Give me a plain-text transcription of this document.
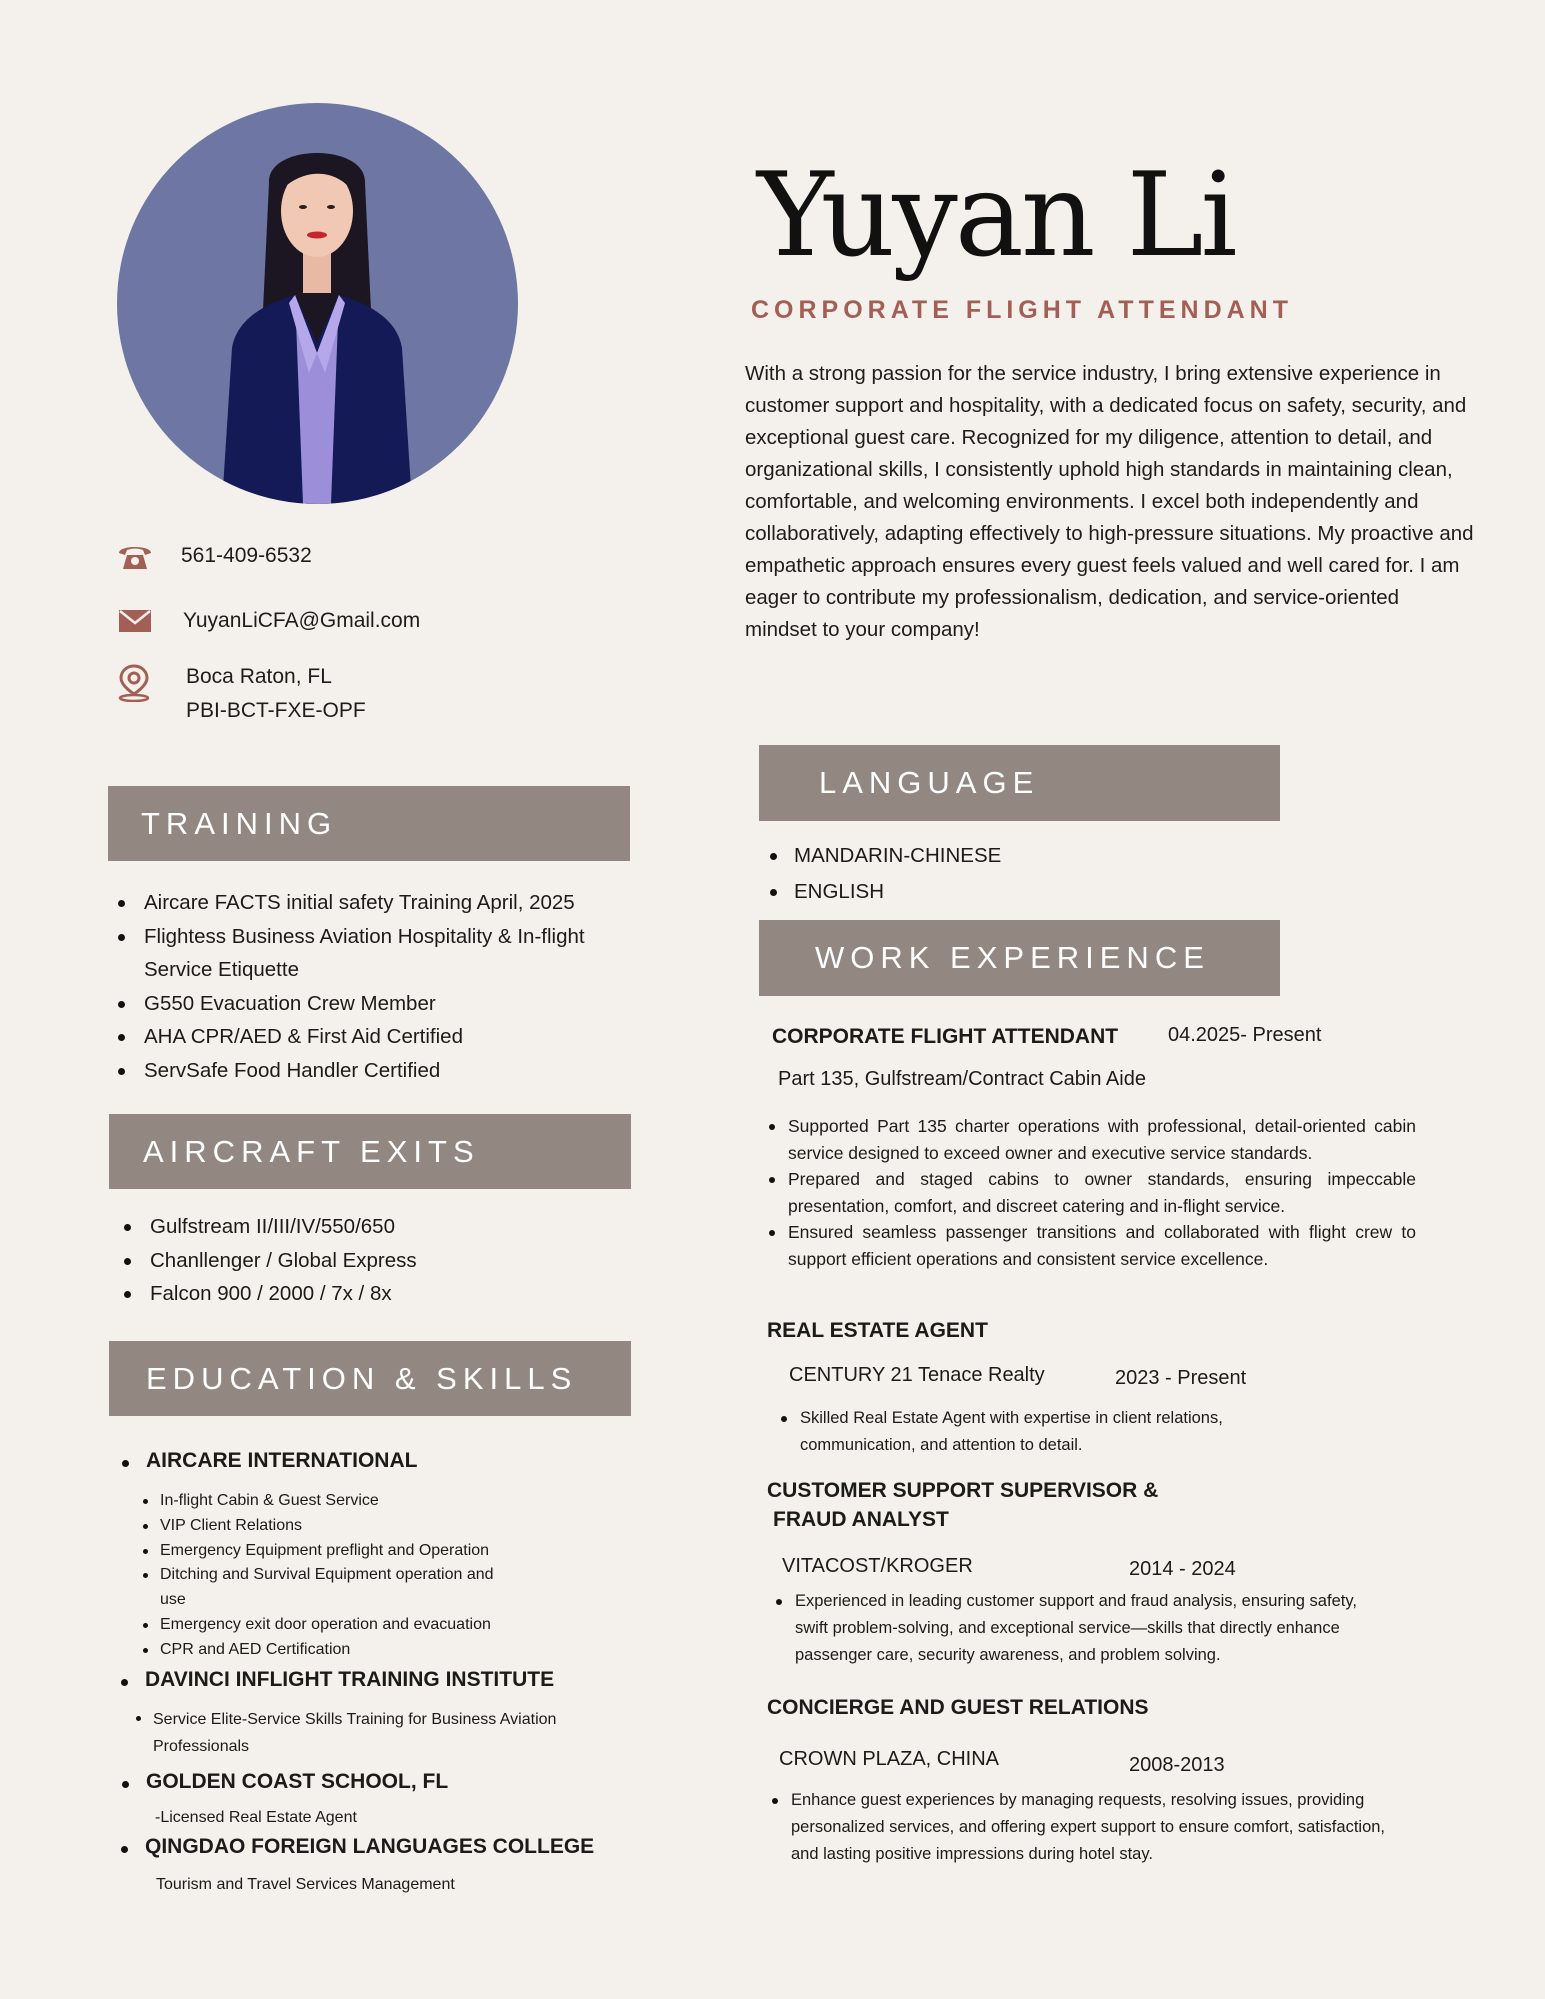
Yuyan Li
CORPORATE FLIGHT ATTENDANT
With a strong passion for the service industry, I bring extensive experience in customer support and hospitality, with a dedicated focus on safety, security, and exceptional guest care. Recognized for my diligence, attention to detail, and organizational skills, I consistently uphold high standards in maintaining clean, comfortable, and welcoming environments. I excel both independently and collaboratively, adapting effectively to high-pressure situations. My proactive and empathetic approach ensures every guest feels valued and well cared for. I am eager to contribute my professionalism, dedication, and service-oriented mindset to your company!
561-409-6532
YuyanLiCFA@Gmail.com
Boca Raton, FL
PBI-BCT-FXE-OPF
TRAINING
Aircare FACTS initial safety Training April, 2025
Flightess Business Aviation Hospitality & In-flight Service Etiquette
G550 Evacuation Crew Member
AHA CPR/AED & First Aid Certified
ServSafe Food Handler Certified
AIRCRAFT EXITS
Gulfstream II/III/IV/550/650
Chanllenger / Global Express
Falcon 900 / 2000 / 7x / 8x
EDUCATION & SKILLS
AIRCARE INTERNATIONAL
In-flight Cabin & Guest Service
VIP Client Relations
Emergency Equipment preflight and Operation
Ditching and Survival Equipment operation and use
Emergency exit door operation and evacuation
CPR and AED Certification
DAVINCI INFLIGHT TRAINING INSTITUTE
Service Elite-Service Skills Training for Business Aviation Professionals
GOLDEN COAST SCHOOL, FL
-Licensed Real Estate Agent
QINGDAO FOREIGN LANGUAGES COLLEGE
Tourism and Travel Services Management
LANGUAGE
MANDARIN-CHINESE
ENGLISH
WORK EXPERIENCE
CORPORATE FLIGHT ATTENDANT 04.2025- Present
Part 135, Gulfstream/Contract Cabin Aide
Supported Part 135 charter operations with professional, detail-oriented cabin service designed to exceed owner and executive service standards.
Prepared and staged cabins to owner standards, ensuring impeccable presentation, comfort, and discreet catering and in-flight service.
Ensured seamless passenger transitions and collaborated with flight crew to support efficient operations and consistent service excellence.
REAL ESTATE AGENT
CENTURY 21 Tenace Realty	2023 - Present
Skilled Real Estate Agent with expertise in client relations, communication, and attention to detail.
CUSTOMER SUPPORT SUPERVISOR &
FRAUD ANALYST
VITACOST/KROGER	2014 - 2024
Experienced in leading customer support and fraud analysis, ensuring safety, swift problem-solving, and exceptional service—skills that directly enhance passenger care, security awareness, and problem solving.
CONCIERGE AND GUEST RELATIONS
CROWN PLAZA, CHINA	2008-2013
Enhance guest experiences by managing requests, resolving issues, providing personalized services, and offering expert support to ensure comfort, satisfaction, and lasting positive impressions during hotel stay.
